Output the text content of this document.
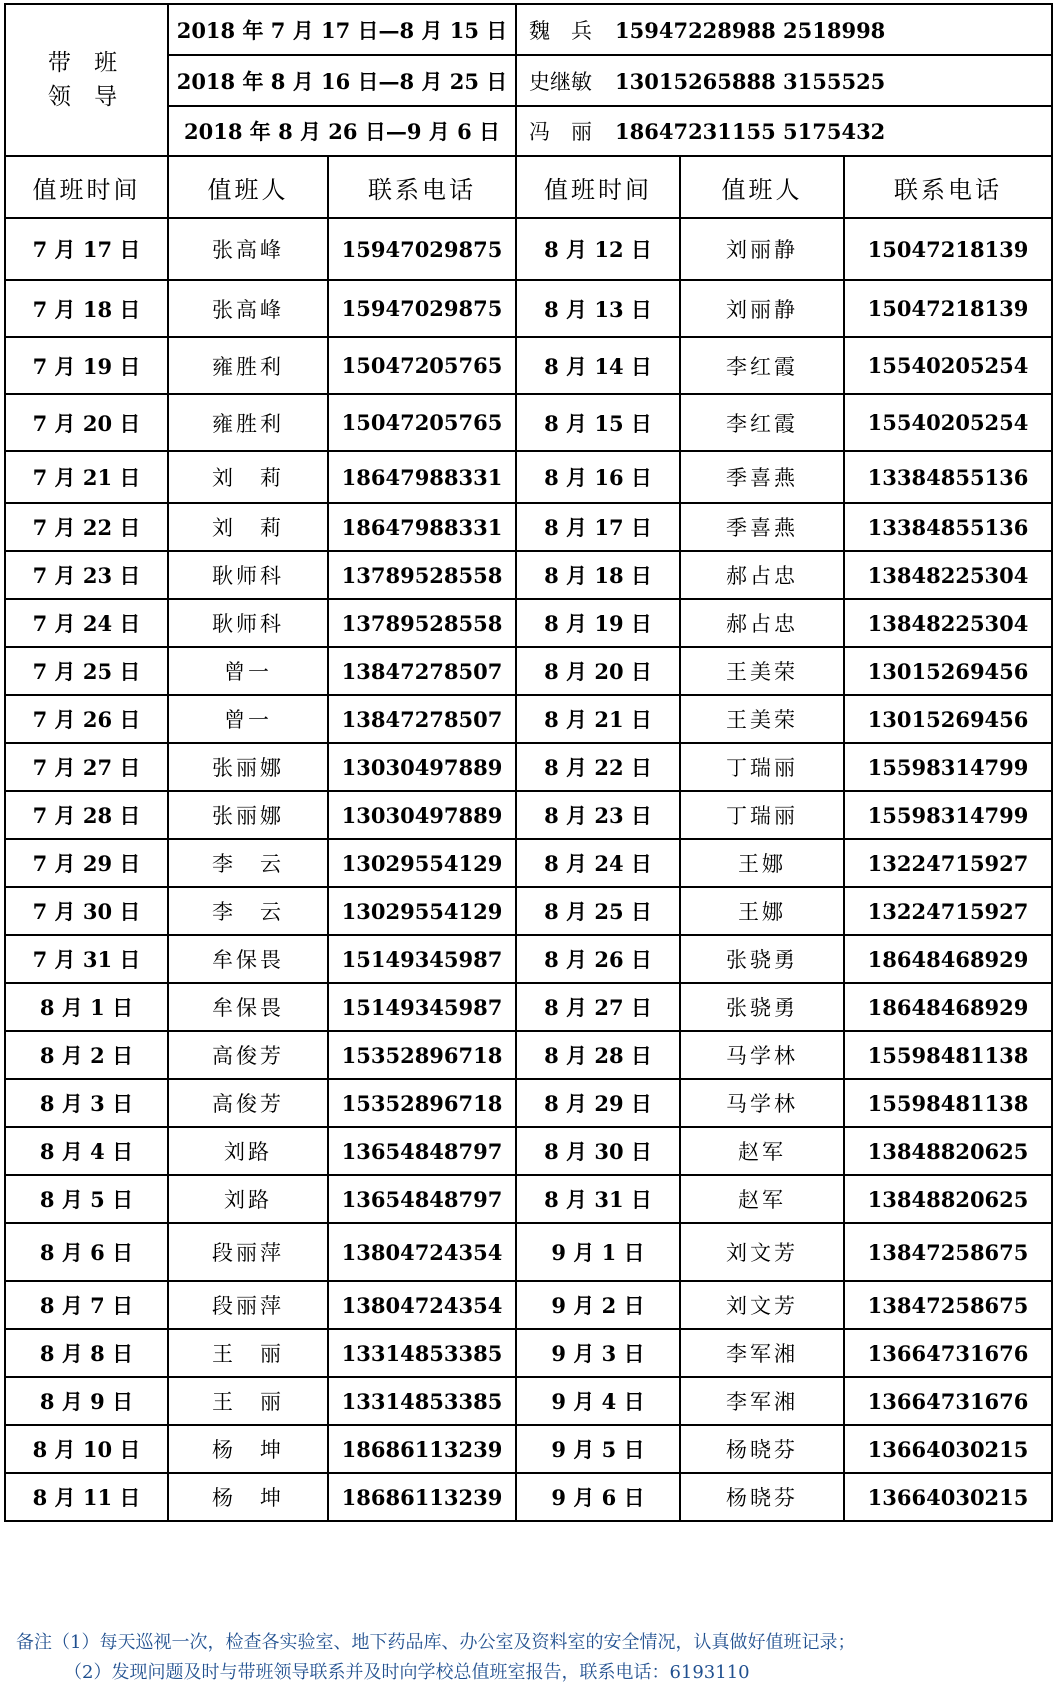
带 班
领 导	2018 年 7 月 17 日—8 月 15 日		魏　兵 15947228988 2518998		
	2018 年 8 月 16 日—8 月 25 日		史继敏 13015265888 3155525		
	2018 年 8 月 26 日—9 月 6 日		冯　丽 18647231155 5175432		
值班时间	值班人	联系电话	值班时间	值班人	联系电话
7 月 17 日	张高峰	15947029875	8 月 12 日	刘丽静	15047218139
7 月 18 日	张高峰	15947029875	8 月 13 日	刘丽静	15047218139
7 月 19 日	雍胜利	15047205765	8 月 14 日	李红霞	15540205254
7 月 20 日	雍胜利	15047205765	8 月 15 日	李红霞	15540205254
7 月 21 日	刘　莉	18647988331	8 月 16 日	季喜燕	13384855136
7 月 22 日	刘　莉	18647988331	8 月 17 日	季喜燕	13384855136
7 月 23 日	耿师科	13789528558	8 月 18 日	郝占忠	13848225304
7 月 24 日	耿师科	13789528558	8 月 19 日	郝占忠	13848225304
7 月 25 日	曾一	13847278507	8 月 20 日	王美荣	13015269456
7 月 26 日	曾一	13847278507	8 月 21 日	王美荣	13015269456
7 月 27 日	张丽娜	13030497889	8 月 22 日	丁瑞丽	15598314799
7 月 28 日	张丽娜	13030497889	8 月 23 日	丁瑞丽	15598314799
7 月 29 日	李　云	13029554129	8 月 24 日	王娜	13224715927
7 月 30 日	李　云	13029554129	8 月 25 日	王娜	13224715927
7 月 31 日	牟保畏	15149345987	8 月 26 日	张骁勇	18648468929
8 月 1 日	牟保畏	15149345987	8 月 27 日	张骁勇	18648468929
8 月 2 日	高俊芳	15352896718	8 月 28 日	马学林	15598481138
8 月 3 日	高俊芳	15352896718	8 月 29 日	马学林	15598481138
8 月 4 日	刘路	13654848797	8 月 30 日	赵军	13848820625
8 月 5 日	刘路	13654848797	8 月 31 日	赵军	13848820625
8 月 6 日	段丽萍	13804724354	9 月 1 日	刘文芳	13847258675
8 月 7 日	段丽萍	13804724354	9 月 2 日	刘文芳	13847258675
8 月 8 日	王　丽	13314853385	9 月 3 日	李军湘	13664731676
8 月 9 日	王　丽	13314853385	9 月 4 日	李军湘	13664731676
8 月 10 日	杨　坤	18686113239	9 月 5 日	杨晓芬	13664030215
8 月 11 日	杨　坤	18686113239	9 月 6 日	杨晓芬	13664030215
备注（1）每天巡视一次，检查各实验室、地下药品库、办公室及资料室的安全情况，认真做好值班记录；
（2）发现问题及时与带班领导联系并及时向学校总值班室报告，联系电话：6193110
